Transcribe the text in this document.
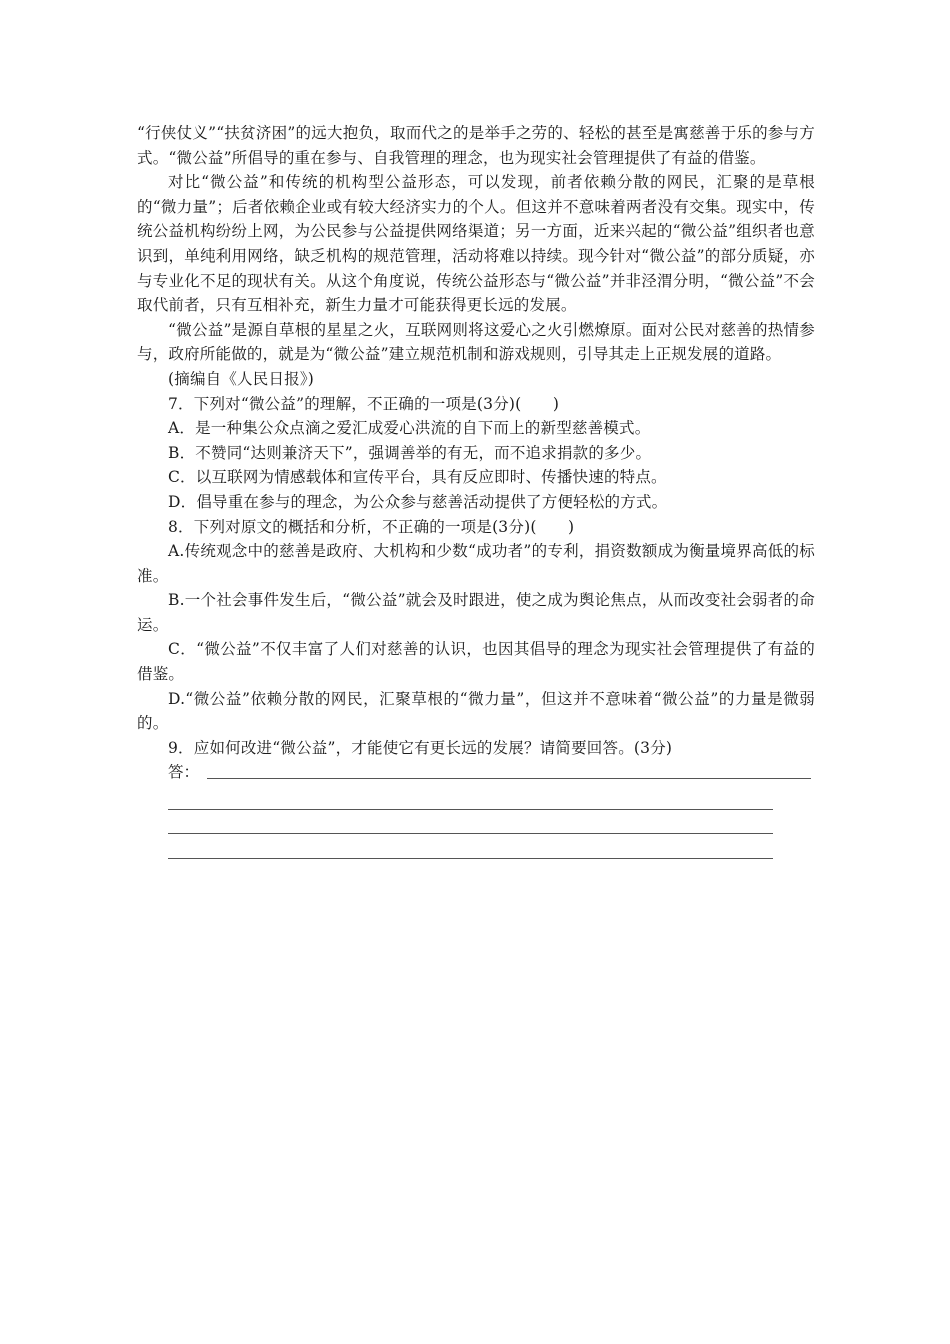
“行侠仗义”“扶贫济困”的远大抱负，取而代之的是举手之劳的、轻松的甚至是寓慈善于乐的参与方式。“微公益”所倡导的重在参与、自我管理的理念，也为现实社会管理提供了有益的借鉴。

对比“微公益”和传统的机构型公益形态，可以发现，前者依赖分散的网民，汇聚的是草根的“微力量”；后者依赖企业或有较大经济实力的个人。但这并不意味着两者没有交集。现实中，传统公益机构纷纷上网，为公民参与公益提供网络渠道；另一方面，近来兴起的“微公益”组织者也意识到，单纯利用网络，缺乏机构的规范管理，活动将难以持续。现今针对“微公益”的部分质疑，亦与专业化不足的现状有关。从这个角度说，传统公益形态与“微公益”并非泾渭分明，“微公益”不会取代前者，只有互相补充，新生力量才可能获得更长远的发展。

“微公益”是源自草根的星星之火，互联网则将这爱心之火引燃燎原。面对公民对慈善的热情参与，政府所能做的，就是为“微公益”建立规范机制和游戏规则，引导其走上正规发展的道路。

(摘编自《人民日报》)

7．下列对“微公益”的理解，不正确的一项是(3分)(　　)

A．是一种集公众点滴之爱汇成爱心洪流的自下而上的新型慈善模式。

B．不赞同“达则兼济天下”，强调善举的有无，而不追求捐款的多少。

C．以互联网为情感载体和宣传平台，具有反应即时、传播快速的特点。

D．倡导重在参与的理念，为公众参与慈善活动提供了方便轻松的方式。

8．下列对原文的概括和分析，不正确的一项是(3分)(　　)

A.传统观念中的慈善是政府、大机构和少数“成功者”的专利，捐资数额成为衡量境界高低的标准。

B.一个社会事件发生后，“微公益”就会及时跟进，使之成为舆论焦点，从而改变社会弱者的命运。

C．“微公益”不仅丰富了人们对慈善的认识，也因其倡导的理念为现实社会管理提供了有益的借鉴。

D.“微公益”依赖分散的网民，汇聚草根的“微力量”，但这并不意味着“微公益”的力量是微弱的。

9．应如何改进“微公益”，才能使它有更长远的发展？请简要回答。(3分)

答：
